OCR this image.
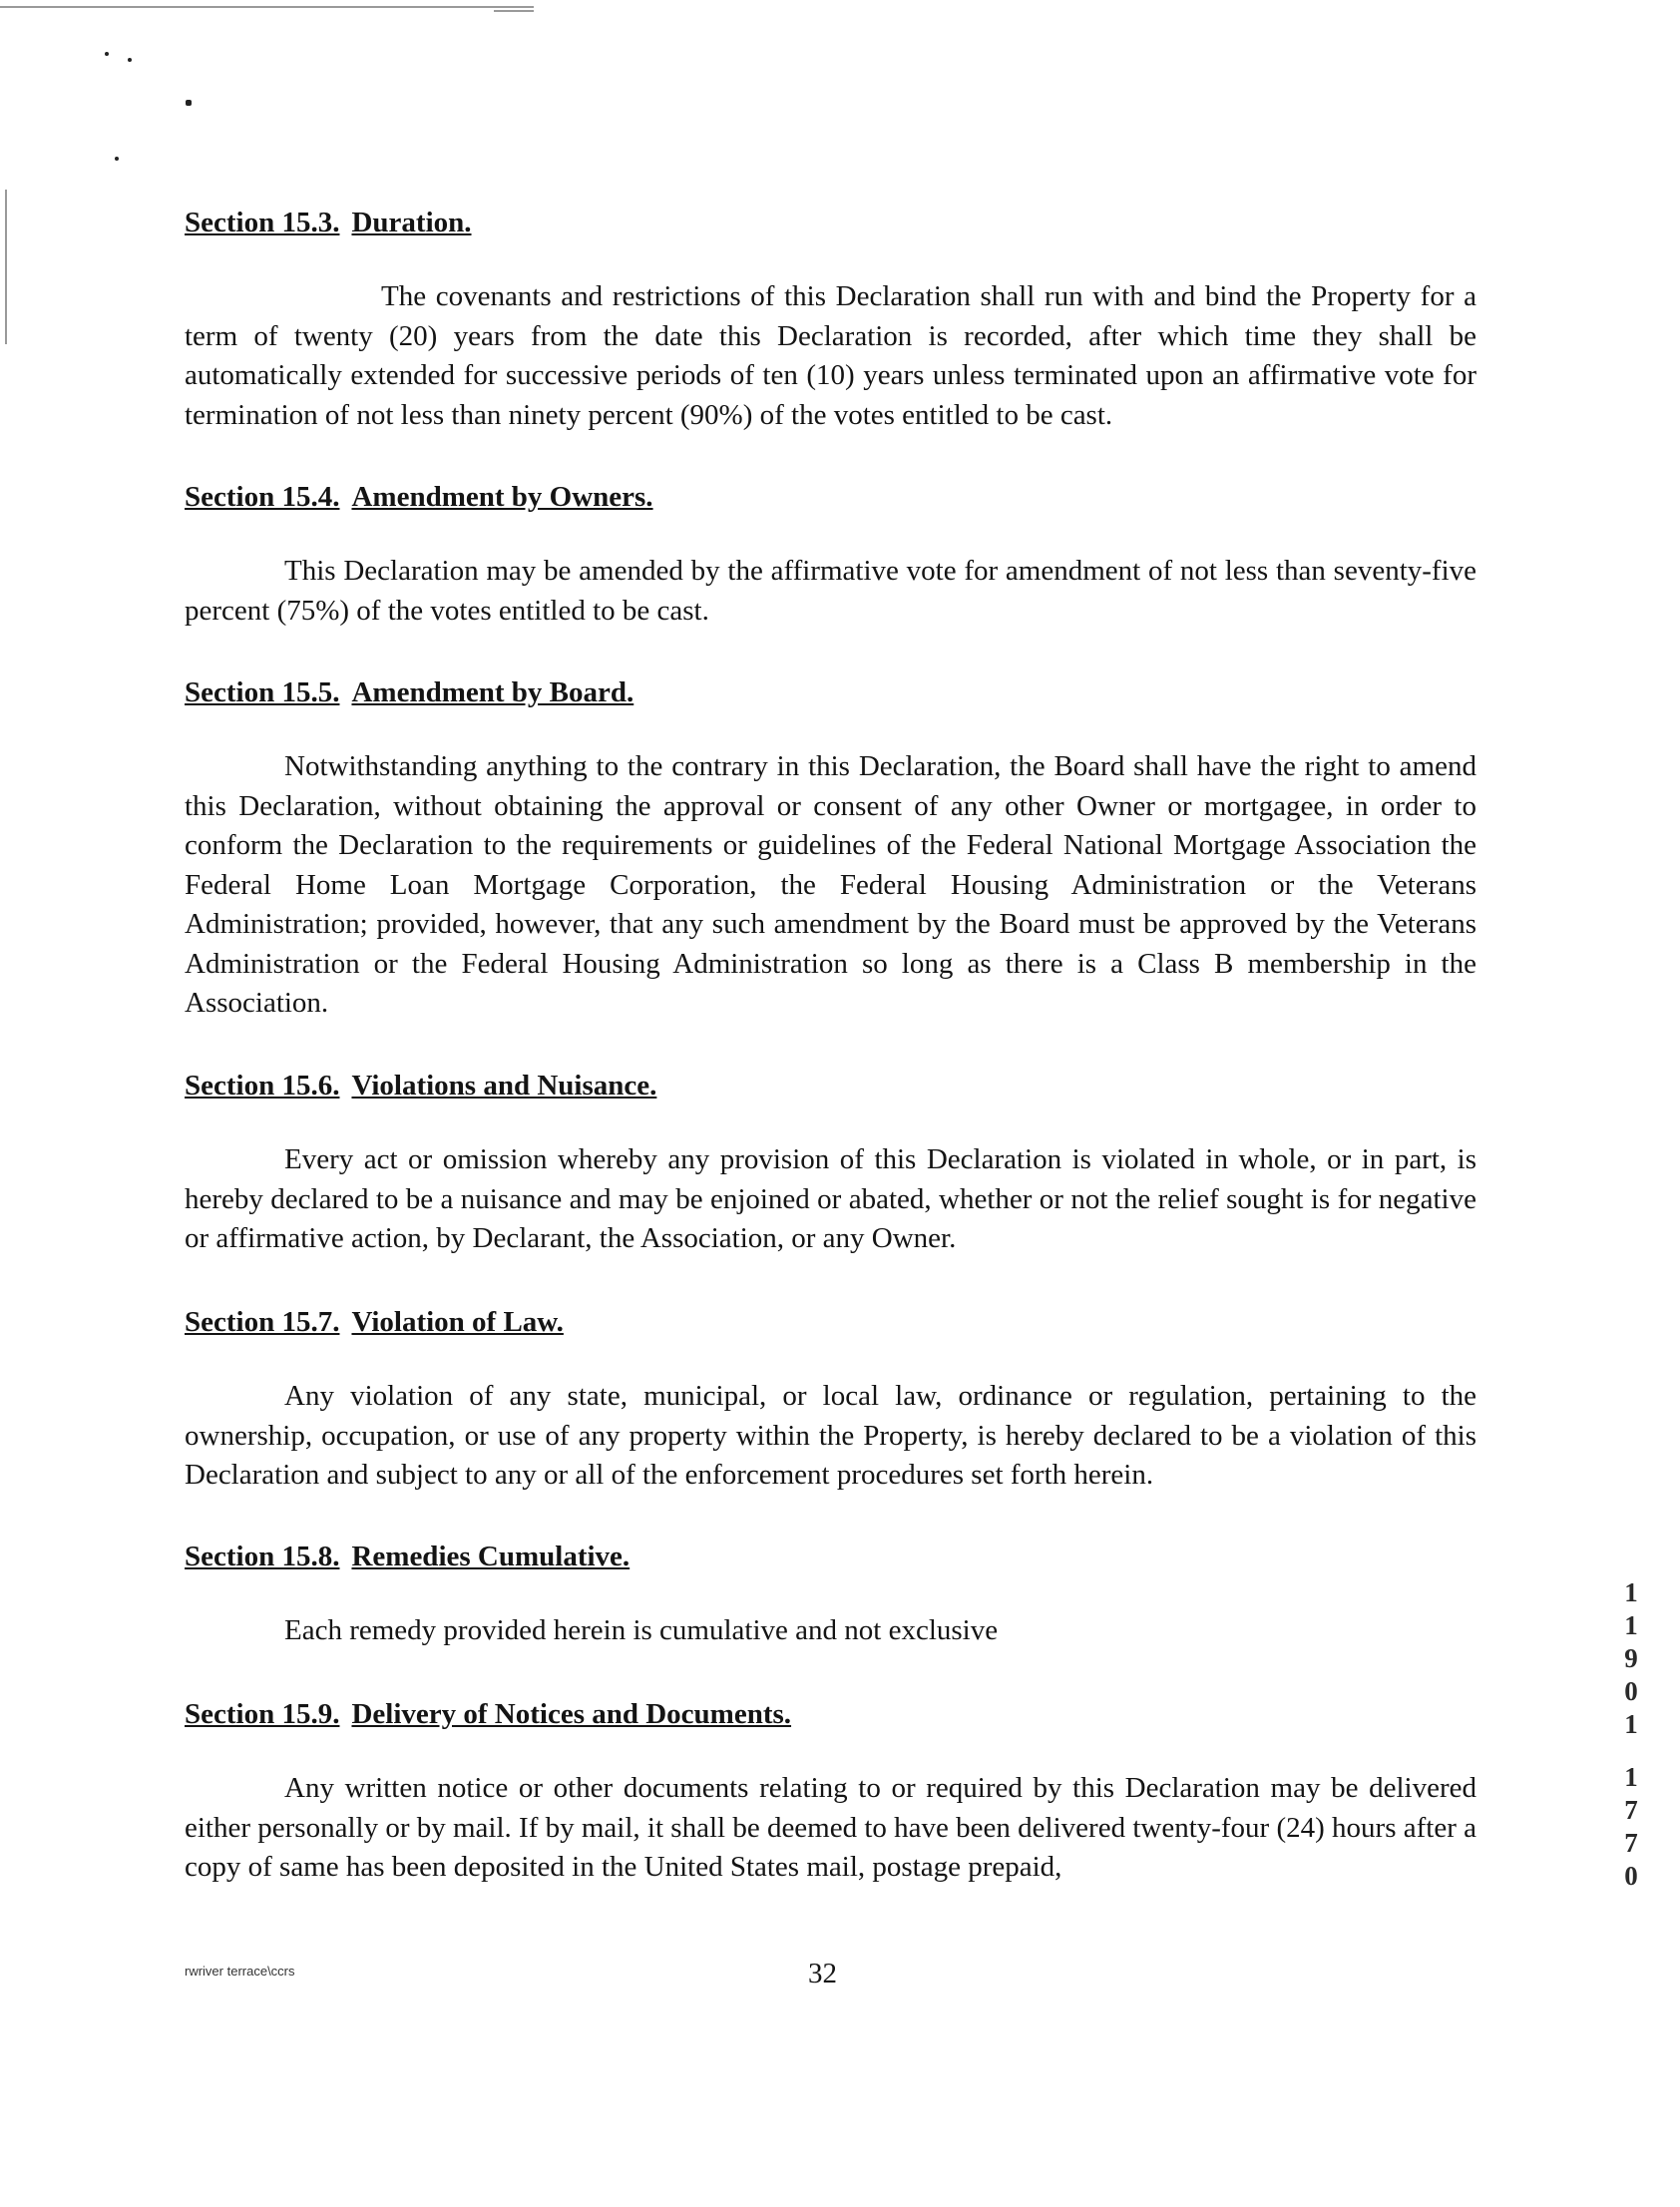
Section 15.3. Duration.

The covenants and restrictions of this Declaration shall run with and bind the Property for a term of twenty (20) years from the date this Declaration is recorded, after which time they shall be automatically extended for successive periods of ten (10) years unless terminated upon an affirmative vote for termination of not less than ninety percent (90%) of the votes entitled to be cast.

Section 15.4. Amendment by Owners.

This Declaration may be amended by the affirmative vote for amendment of not less than seventy-five percent (75%) of the votes entitled to be cast.

Section 15.5. Amendment by Board.

Notwithstanding anything to the contrary in this Declaration, the Board shall have the right to amend this Declaration, without obtaining the approval or consent of any other Owner or mortgagee, in order to conform the Declaration to the requirements or guidelines of the Federal National Mortgage Association the Federal Home Loan Mortgage Corporation, the Federal Housing Administration or the Veterans Administration; provided, however, that any such amendment by the Board must be approved by the Veterans Administration or the Federal Housing Administration so long as there is a Class B membership in the Association.

Section 15.6. Violations and Nuisance.

Every act or omission whereby any provision of this Declaration is violated in whole, or in part, is hereby declared to be a nuisance and may be enjoined or abated, whether or not the relief sought is for negative or affirmative action, by Declarant, the Association, or any Owner.

Section 15.7. Violation of Law.

Any violation of any state, municipal, or local law, ordinance or regulation, pertaining to the ownership, occupation, or use of any property within the Property, is hereby declared to be a violation of this Declaration and subject to any or all of the enforcement procedures set forth herein.

Section 15.8. Remedies Cumulative.

Each remedy provided herein is cumulative and not exclusive

Section 15.9. Delivery of Notices and Documents.

Any written notice or other documents relating to or required by this Declaration may be delivered either personally or by mail. If by mail, it shall be deemed to have been delivered twenty-four (24) hours after a copy of same has been deposited in the United States mail, postage prepaid,

rwriver terrace\ccrs	32
1
1
9
0
1
1
7
7
0
